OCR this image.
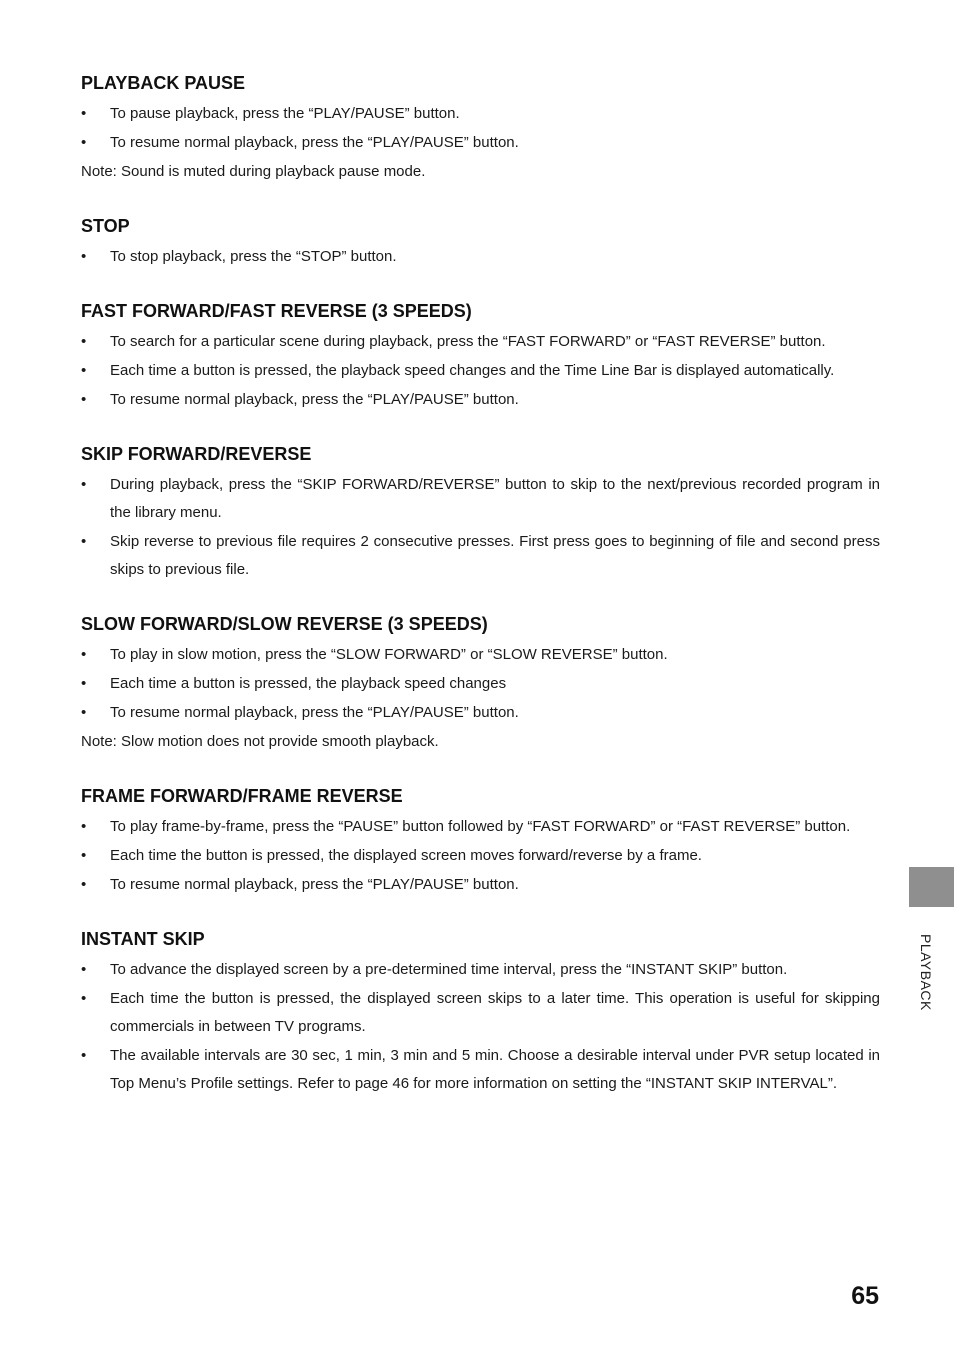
PLAYBACK PAUSE
• To pause playback, press the “PLAY/PAUSE” button.
• To resume normal playback, press the “PLAY/PAUSE” button.

Note: Sound is muted during playback pause mode.

STOP
• To stop playback, press the “STOP” button.
FAST FORWARD/FAST REVERSE (3 SPEEDS)
• To search for a particular scene during playback, press the “FAST FORWARD” or “FAST REVERSE” button.
• Each time a button is pressed, the playback speed changes and the Time Line Bar is displayed automatically.
• To resume normal playback, press the “PLAY/PAUSE” button.
SKIP FORWARD/REVERSE
• During playback, press the “SKIP FORWARD/REVERSE” button to skip to the next/previous recorded program in the library menu.
• Skip reverse to previous file requires 2 consecutive presses. First press goes to beginning of file and second press skips to previous file.
SLOW FORWARD/SLOW REVERSE (3 SPEEDS)
• To play in slow motion, press the “SLOW FORWARD” or “SLOW REVERSE” button.
• Each time a button is pressed, the playback speed changes
• To resume normal playback, press the “PLAY/PAUSE” button.

Note: Slow motion does not provide smooth playback.

FRAME FORWARD/FRAME REVERSE
• To play frame-by-frame, press the “PAUSE” button followed by “FAST FORWARD” or “FAST REVERSE” button.
• Each time the button is pressed, the displayed screen moves forward/reverse by a frame.
• To resume normal playback, press the “PLAY/PAUSE” button.
INSTANT SKIP
• To advance the displayed screen by a pre-determined time interval, press the “INSTANT SKIP” button.
• Each time the button is pressed, the displayed screen skips to a later time. This operation is useful for skipping commercials in between TV programs.
• The available intervals are 30 sec, 1 min, 3 min and 5 min. Choose a desirable interval under PVR setup located in Top Menu’s Profile settings. Refer to page 46 for more information on setting the “INSTANT SKIP INTERVAL”.
PLAYBACK
65
